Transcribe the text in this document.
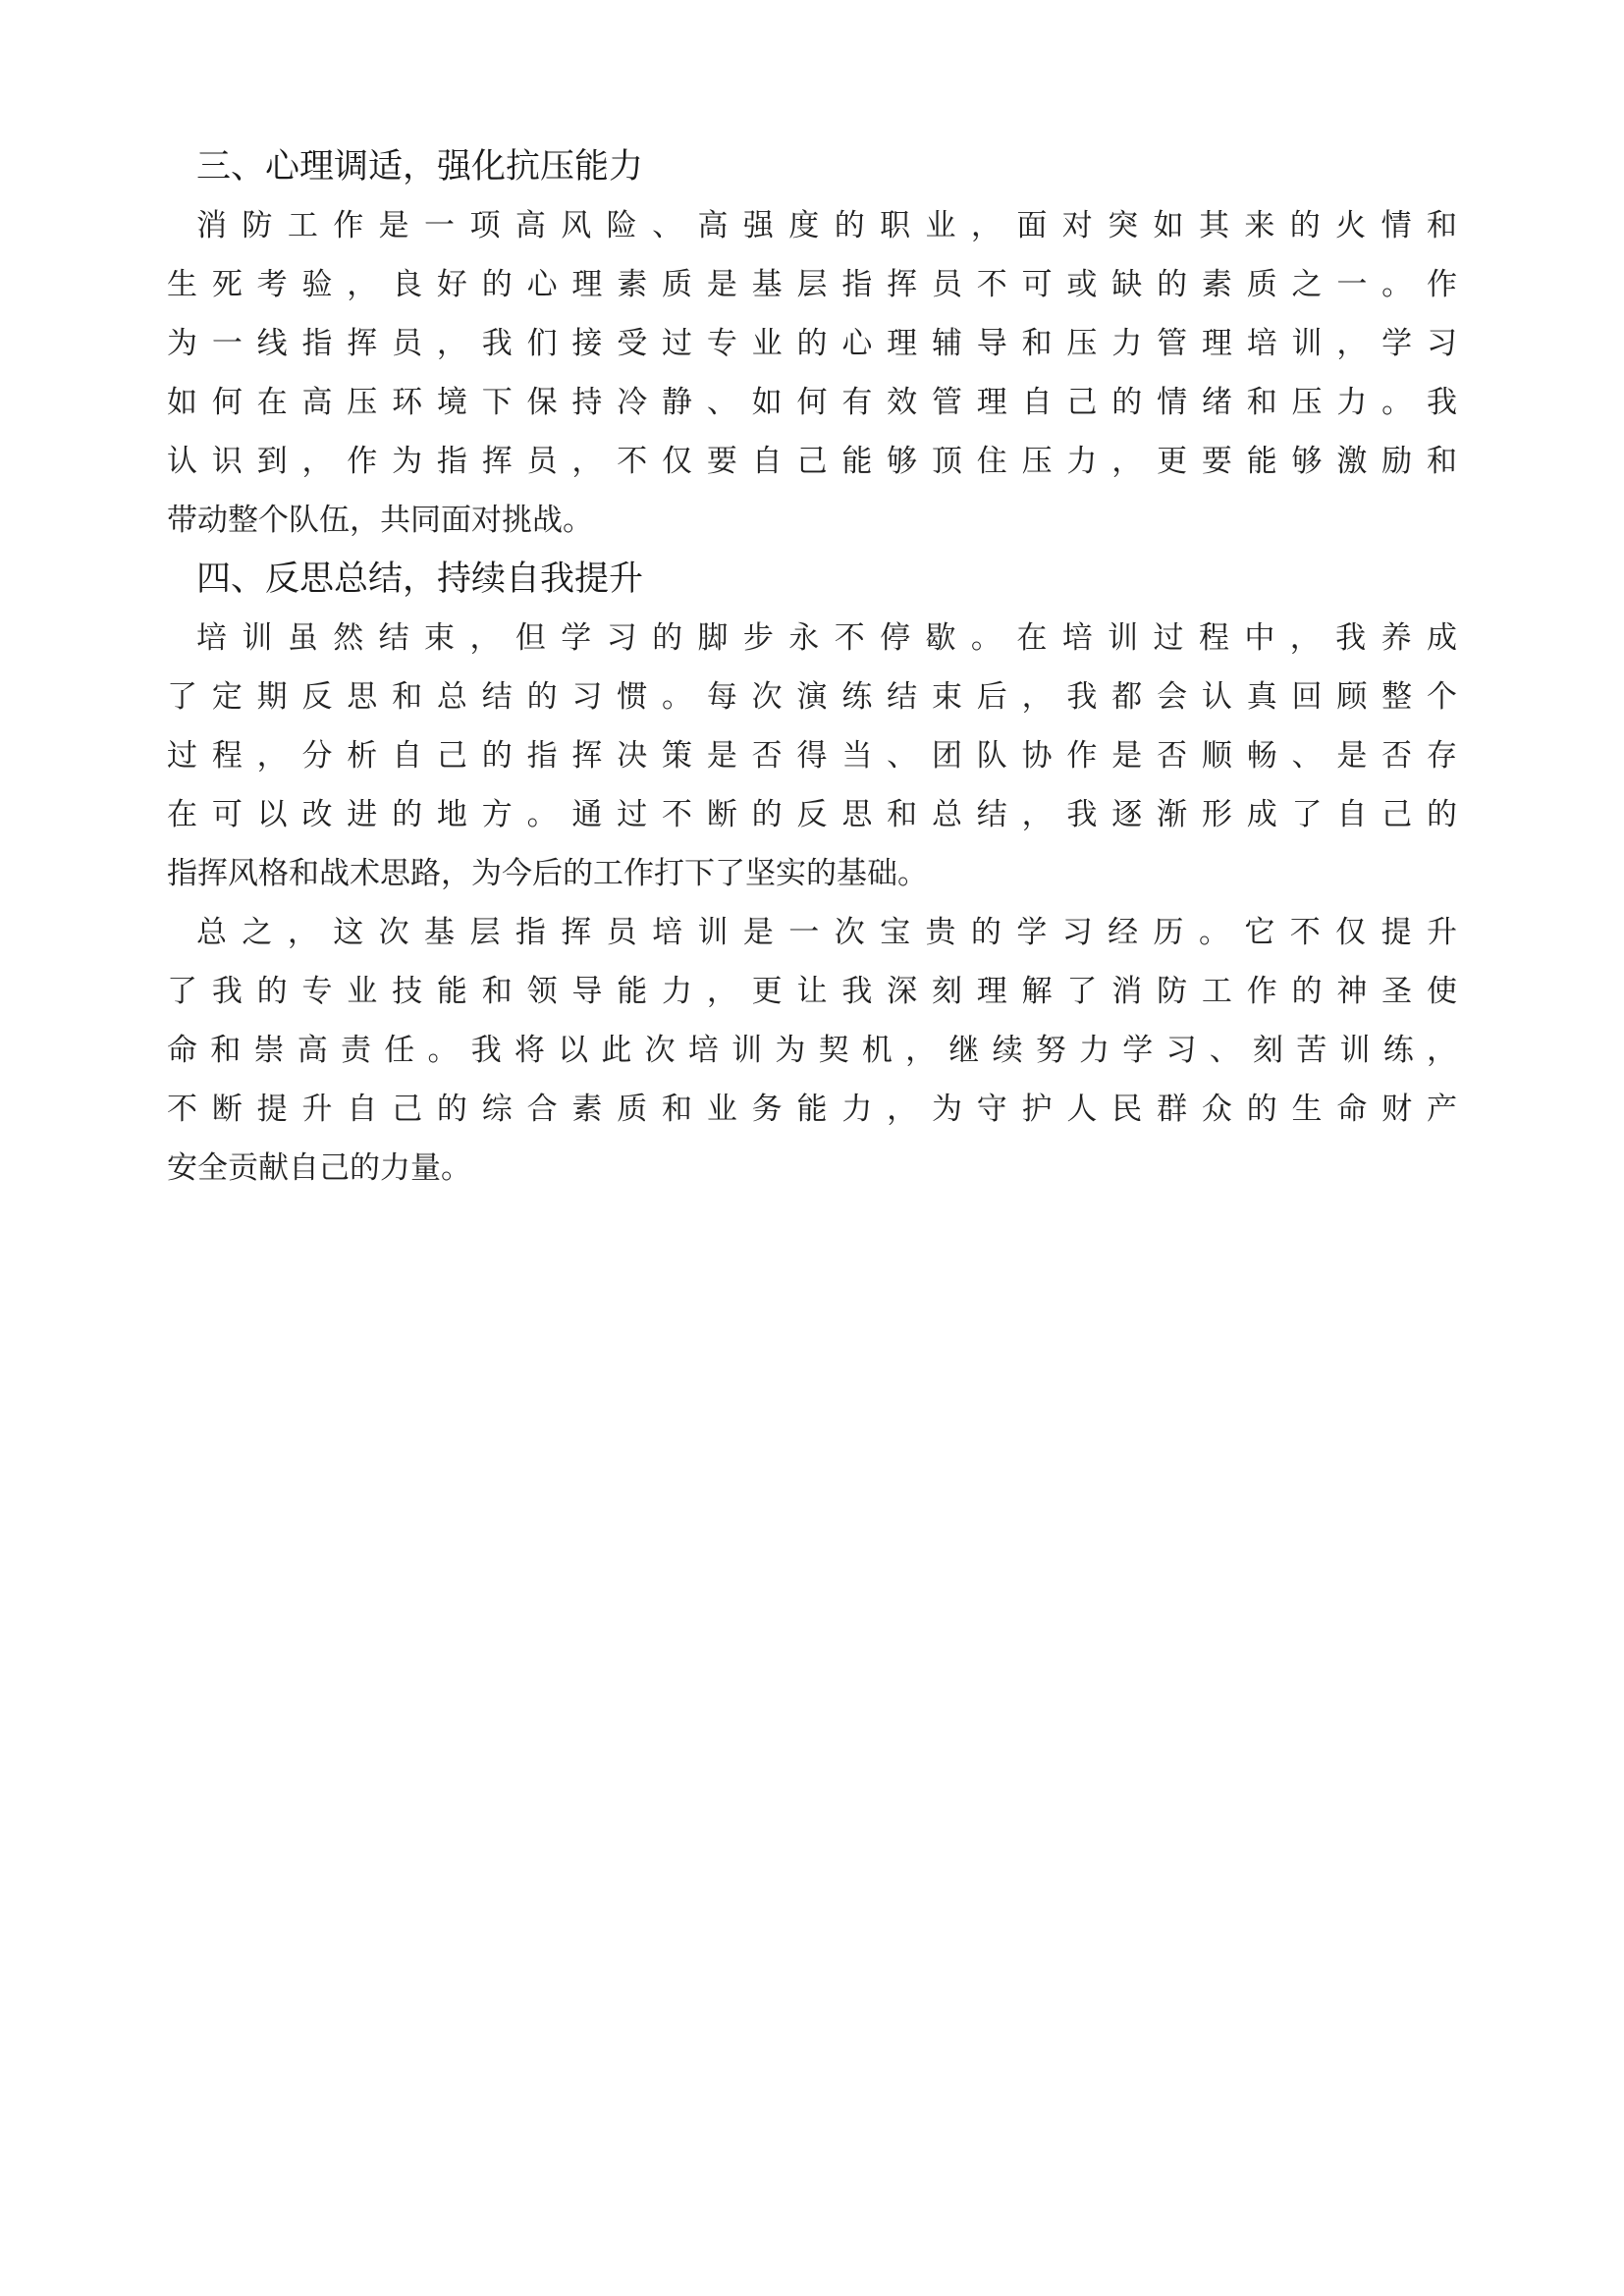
三、心理调适，强化抗压能力
消防工作是一项高风险、高强度的职业，面对突如其来的火情和
生死考验，良好的心理素质是基层指挥员不可或缺的素质之一。作
为一线指挥员，我们接受过专业的心理辅导和压力管理培训，学习
如何在高压环境下保持冷静、如何有效管理自己的情绪和压力。我
认识到，作为指挥员，不仅要自己能够顶住压力，更要能够激励和
带动整个队伍，共同面对挑战。
四、反思总结，持续自我提升
培训虽然结束，但学习的脚步永不停歇。在培训过程中，我养成
了定期反思和总结的习惯。每次演练结束后，我都会认真回顾整个
过程，分析自己的指挥决策是否得当、团队协作是否顺畅、是否存
在可以改进的地方。通过不断的反思和总结，我逐渐形成了自己的
指挥风格和战术思路，为今后的工作打下了坚实的基础。
总之，这次基层指挥员培训是一次宝贵的学习经历。它不仅提升
了我的专业技能和领导能力，更让我深刻理解了消防工作的神圣使
命和崇高责任。我将以此次培训为契机，继续努力学习、刻苦训练，
不断提升自己的综合素质和业务能力，为守护人民群众的生命财产
安全贡献自己的力量。
